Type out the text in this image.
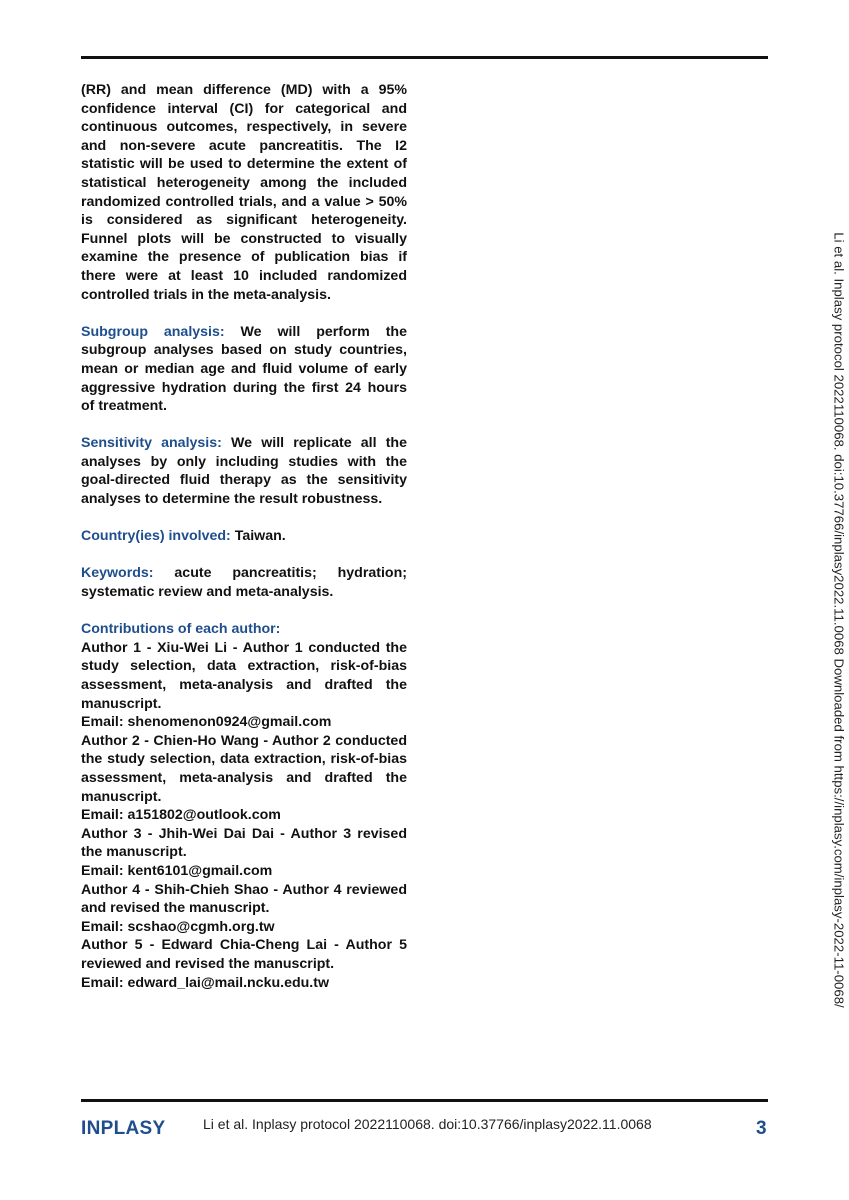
(RR) and mean difference (MD) with a 95% confidence interval (CI) for categorical and continuous outcomes, respectively, in severe and non-severe acute pancreatitis. The I2 statistic will be used to determine the extent of statistical heterogeneity among the included randomized controlled trials, and a value > 50% is considered as significant heterogeneity. Funnel plots will be constructed to visually examine the presence of publication bias if there were at least 10 included randomized controlled trials in the meta-analysis.

Subgroup analysis: We will perform the subgroup analyses based on study countries, mean or median age and fluid volume of early aggressive hydration during the first 24 hours of treatment.

Sensitivity analysis: We will replicate all the analyses by only including studies with the goal-directed fluid therapy as the sensitivity analyses to determine the result robustness.

Country(ies) involved: Taiwan.

Keywords: acute pancreatitis; hydration; systematic review and meta-analysis.

Contributions of each author:
Author 1 - Xiu-Wei Li - Author 1 conducted the study selection, data extraction, risk-of-bias assessment, meta-analysis and drafted the manuscript.
Email: shenomenon0924@gmail.com
Author 2 - Chien-Ho Wang - Author 2 conducted the study selection, data extraction, risk-of-bias assessment, meta-analysis and drafted the manuscript.
Email: a151802@outlook.com
Author 3 - Jhih-Wei Dai Dai - Author 3 revised the manuscript.
Email: kent6101@gmail.com
Author 4 - Shih-Chieh Shao - Author 4 reviewed and revised the manuscript.
Email: scshao@cgmh.org.tw
Author 5 - Edward Chia-Cheng Lai - Author 5 reviewed and revised the manuscript.
Email: edward_lai@mail.ncku.edu.tw	Li et al. Inplasy protocol 2022110068. doi:10.37766/inplasy2022.11.0068 Downloaded from https://inplasy.com/inplasy-2022-11-0068/
INPLASY	Li et al. Inplasy protocol 2022110068. doi:10.37766/inplasy2022.11.0068	3
